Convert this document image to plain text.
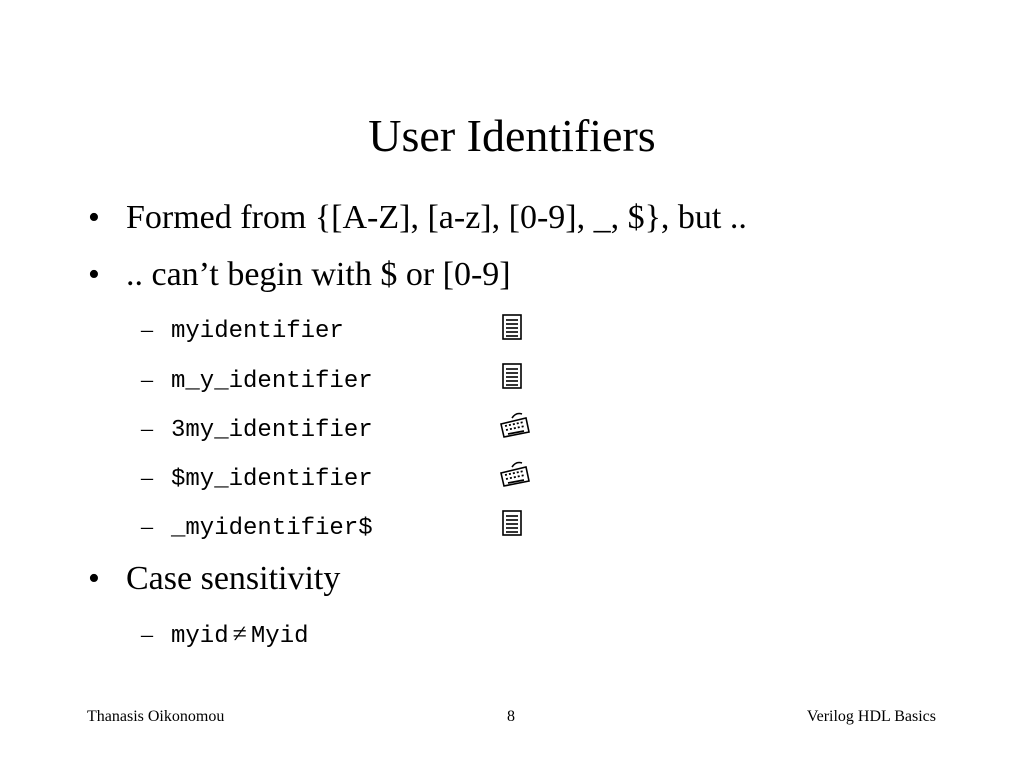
User Identifiers
• Formed from {[A-Z], [a-z], [0-9], _, $}, but ..
• .. can’t begin with $ or [0-9]
– myidentifier
– m_y_identifier
– 3my_identifier
– $my_identifier
– _myidentifier$
• Case sensitivity
– myid ≠ Myid
Thanasis Oikonomou	8	Verilog HDL Basics
